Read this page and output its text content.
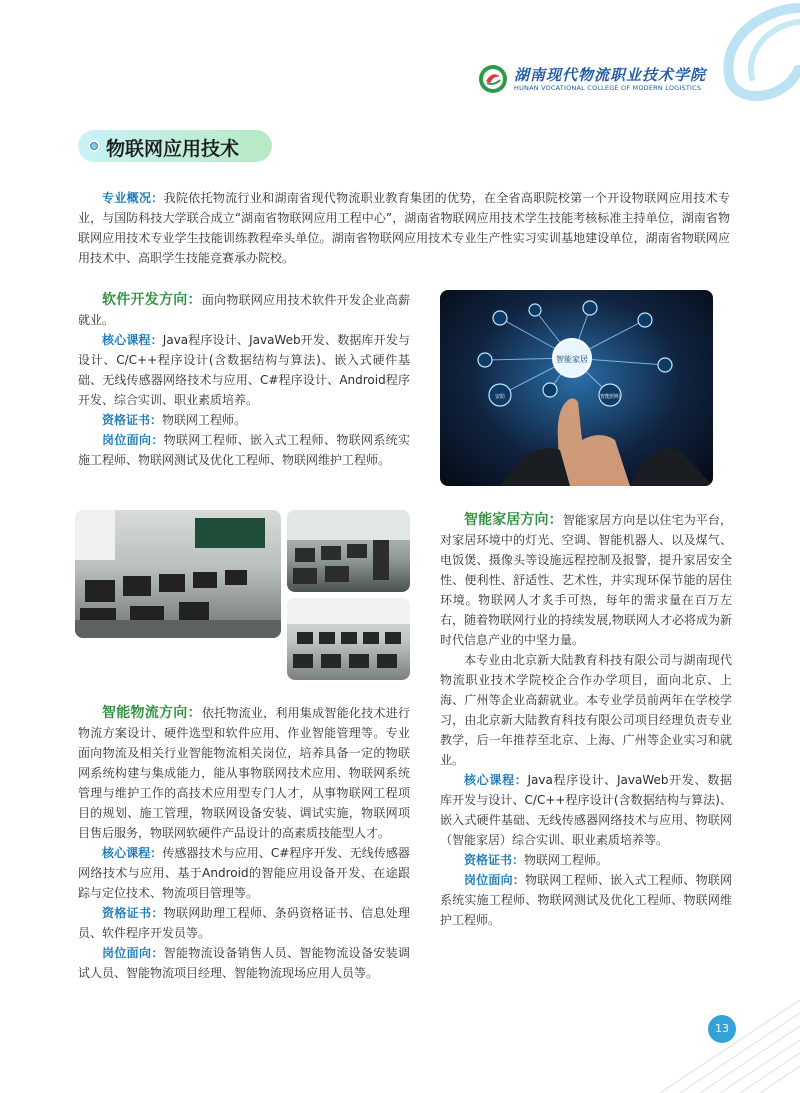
湖南现代物流职业技术学院
HUNAN VOCATIONAL COLLEGE OF MODERN LOGISTICS
物联网应用技术
专业概况：我院依托物流行业和湖南省现代物流职业教育集团的优势，在全省高职院校第一个开设物联网应用技术专业，与国防科技大学联合成立“湖南省物联网应用工程中心”，湖南省物联网应用技术学生技能考核标准主持单位，湖南省物联网应用技术专业学生技能训练教程牵头单位。湖南省物联网应用技术专业生产性实习实训基地建设单位，湖南省物联网应用技术中、高职学生技能竞赛承办院校。
软件开发方向：面向物联网应用技术软件开发企业高薪就业。
核心课程：Java程序设计、JavaWeb开发、数据库开发与设计、C/C++程序设计(含数据结构与算法)、嵌入式硬件基础、无线传感器网络技术与应用、C#程序设计、Android程序开发、综合实训、职业素质培养。
资格证书：物联网工程师。
岗位面向：物联网工程师、嵌入式工程师、物联网系统实施工程师、物联网测试及优化工程师、物联网维护工程师。
智能家居
安防	智能照明
智能家居方向：智能家居方向是以住宅为平台，对家居环境中的灯光、空调、智能机器人、以及煤气、电饭煲、摄像头等设施远程控制及报警，提升家居安全性、便利性、舒适性、艺术性，并实现环保节能的居住环境。物联网人才炙手可热，每年的需求量在百万左右，随着物联网行业的持续发展,物联网人才必将成为新时代信息产业的中坚力量。
本专业由北京新大陆教育科技有限公司与湖南现代物流职业技术学院校企合作办学项目，面向北京、上海、广州等企业高薪就业。本专业学员前两年在学校学习，由北京新大陆教育科技有限公司项目经理负责专业教学，后一年推荐至北京、上海、广州等企业实习和就业。
核心课程：Java程序设计、JavaWeb开发、数据库开发与设计、C/C++程序设计(含数据结构与算法)、嵌入式硬件基础、无线传感器网络技术与应用、物联网（智能家居）综合实训、职业素质培养等。
资格证书：物联网工程师。
岗位面向：物联网工程师、嵌入式工程师、物联网系统实施工程师、物联网测试及优化工程师、物联网维护工程师。
智能物流方向：依托物流业，利用集成智能化技术进行物流方案设计、硬件选型和软件应用、作业智能管理等。专业面向物流及相关行业智能物流相关岗位，培养具备一定的物联网系统构建与集成能力，能从事物联网技术应用、物联网系统管理与维护工作的高技术应用型专门人才，从事物联网工程项目的规划、施工管理，物联网设备安装、调试实施，物联网项目售后服务，物联网软硬件产品设计的高素质技能型人才。
核心课程：传感器技术与应用、C#程序开发、无线传感器网络技术与应用、基于Android的智能应用设备开发、在途跟踪与定位技术、物流项目管理等。
资格证书：物联网助理工程师、条码资格证书、信息处理员、软件程序开发员等。
岗位面向：智能物流设备销售人员、智能物流设备安装调试人员、智能物流项目经理、智能物流现场应用人员等。
13
